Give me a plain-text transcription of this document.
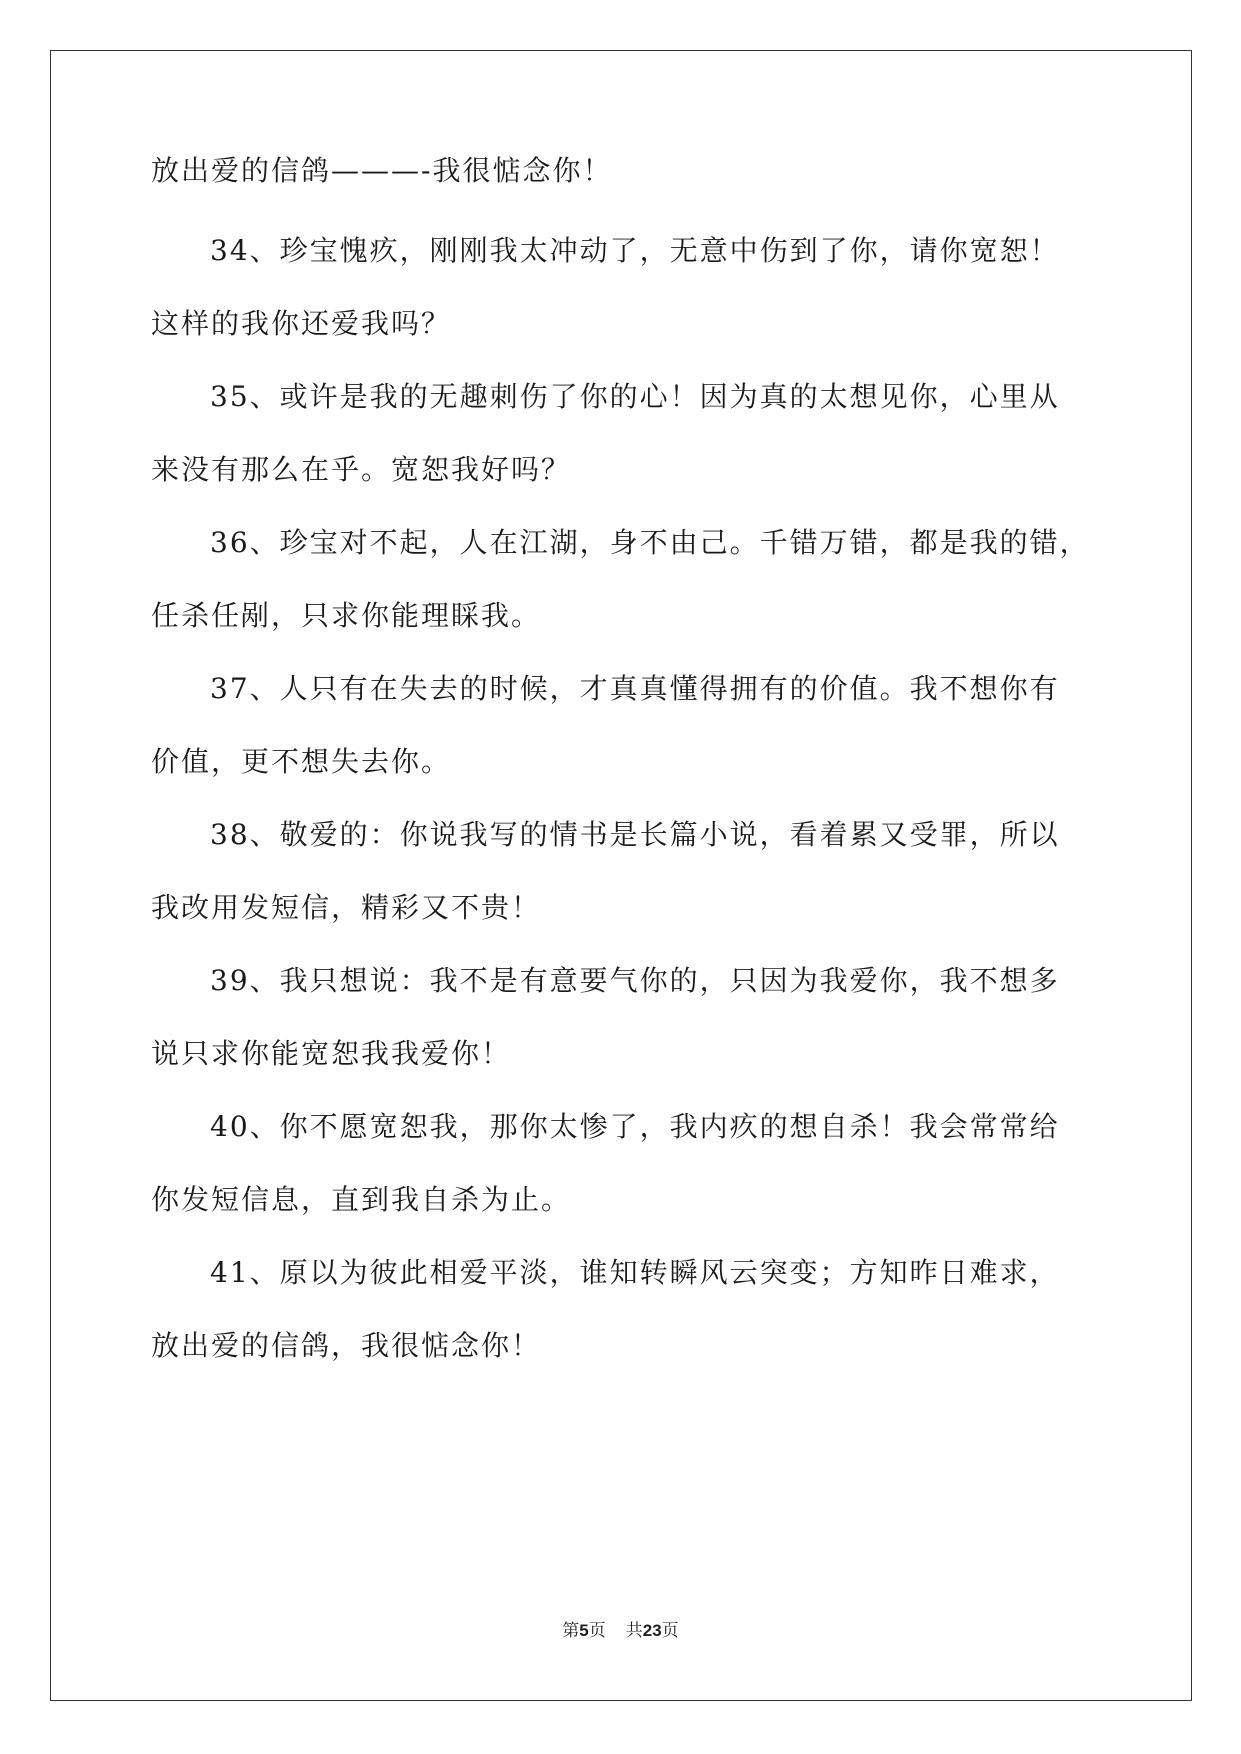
放出爱的信鸽———-我很惦念你！
34、珍宝愧疚，刚刚我太冲动了，无意中伤到了你，请你宽恕！
这样的我你还爱我吗？
35、或许是我的无趣刺伤了你的心！因为真的太想见你，心里从
来没有那么在乎。宽恕我好吗？
36、珍宝对不起，人在江湖，身不由己。千错万错，都是我的错，
任杀任剐，只求你能理睬我。
37、人只有在失去的时候，才真真懂得拥有的价值。我不想你有
价值，更不想失去你。
38、敬爱的：你说我写的情书是长篇小说，看着累又受罪，所以
我改用发短信，精彩又不贵！
39、我只想说：我不是有意要气你的，只因为我爱你，我不想多
说只求你能宽恕我我爱你！
40、你不愿宽恕我，那你太惨了，我内疚的想自杀！我会常常给
你发短信息，直到我自杀为止。
41、原以为彼此相爱平淡，谁知转瞬风云突变；方知昨日难求，
放出爱的信鸽，我很惦念你！
第5页 共23页
